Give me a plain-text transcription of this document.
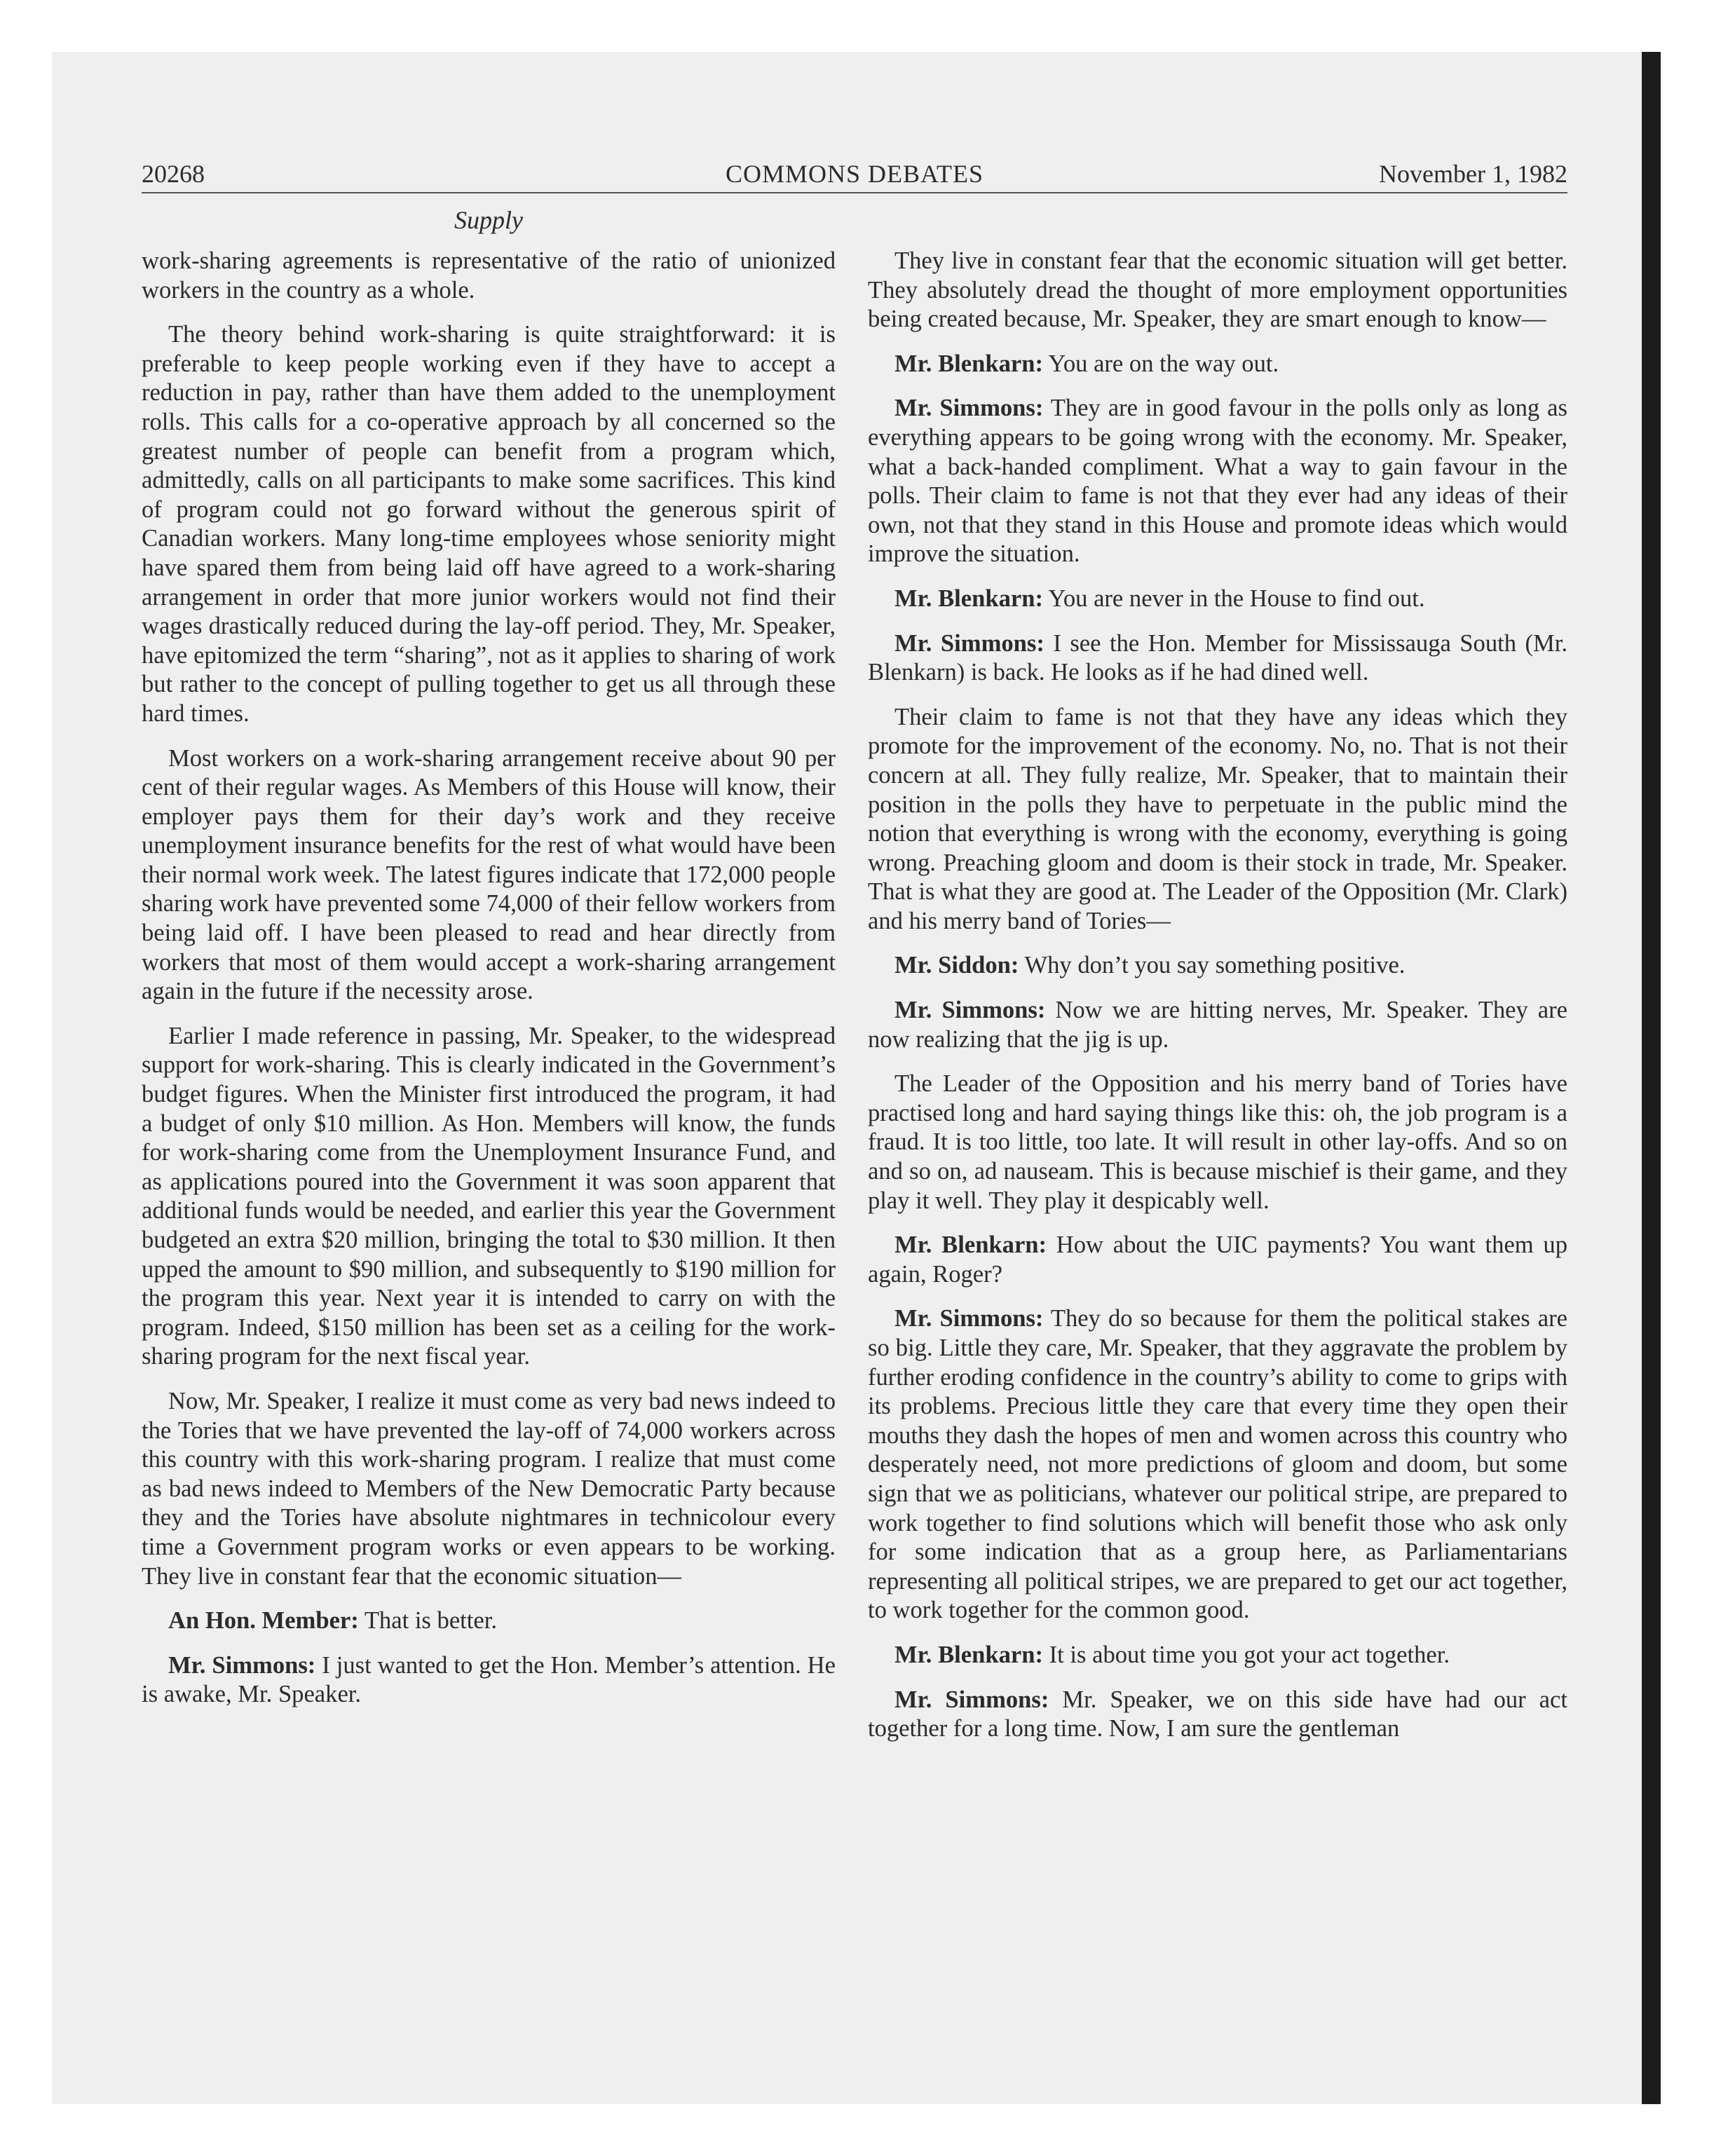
20268	COMMONS DEBATES	November 1, 1982
Supply

work-sharing agreements is representative of the ratio of unionized workers in the country as a whole.

The theory behind work-sharing is quite straightforward: it is preferable to keep people working even if they have to accept a reduction in pay, rather than have them added to the unemployment rolls. This calls for a co-operative approach by all concerned so the greatest number of people can benefit from a program which, admittedly, calls on all participants to make some sacrifices. This kind of program could not go forward without the generous spirit of Canadian workers. Many long-time employees whose seniority might have spared them from being laid off have agreed to a work-sharing arrangement in order that more junior workers would not find their wages drastically reduced during the lay-off period. They, Mr. Speaker, have epitomized the term “sharing”, not as it applies to sharing of work but rather to the concept of pulling together to get us all through these hard times.

Most workers on a work-sharing arrangement receive about 90 per cent of their regular wages. As Members of this House will know, their employer pays them for their day’s work and they receive unemployment insurance benefits for the rest of what would have been their normal work week. The latest figures indicate that 172,000 people sharing work have prevented some 74,000 of their fellow workers from being laid off. I have been pleased to read and hear directly from workers that most of them would accept a work-sharing arrangement again in the future if the necessity arose.

Earlier I made reference in passing, Mr. Speaker, to the widespread support for work-sharing. This is clearly indicated in the Government’s budget figures. When the Minister first introduced the program, it had a budget of only $10 million. As Hon. Members will know, the funds for work-sharing come from the Unemployment Insurance Fund, and as applications poured into the Government it was soon apparent that additional funds would be needed, and earlier this year the Government budgeted an extra $20 million, bringing the total to $30 million. It then upped the amount to $90 million, and subsequently to $190 million for the program this year. Next year it is intended to carry on with the program. Indeed, $150 million has been set as a ceiling for the work-sharing program for the next fiscal year.

Now, Mr. Speaker, I realize it must come as very bad news indeed to the Tories that we have prevented the lay-off of 74,000 workers across this country with this work-sharing program. I realize that must come as bad news indeed to Members of the New Democratic Party because they and the Tories have absolute nightmares in technicolour every time a Government program works or even appears to be working. They live in constant fear that the economic situation—

An Hon. Member: That is better.

Mr. Simmons: I just wanted to get the Hon. Member’s attention. He is awake, Mr. Speaker.

They live in constant fear that the economic situation will get better. They absolutely dread the thought of more employment opportunities being created because, Mr. Speaker, they are smart enough to know—

Mr. Blenkarn: You are on the way out.

Mr. Simmons: They are in good favour in the polls only as long as everything appears to be going wrong with the economy. Mr. Speaker, what a back-handed compliment. What a way to gain favour in the polls. Their claim to fame is not that they ever had any ideas of their own, not that they stand in this House and promote ideas which would improve the situation.

Mr. Blenkarn: You are never in the House to find out.

Mr. Simmons: I see the Hon. Member for Mississauga South (Mr. Blenkarn) is back. He looks as if he had dined well.

Their claim to fame is not that they have any ideas which they promote for the improvement of the economy. No, no. That is not their concern at all. They fully realize, Mr. Speaker, that to maintain their position in the polls they have to perpetuate in the public mind the notion that everything is wrong with the economy, everything is going wrong. Preaching gloom and doom is their stock in trade, Mr. Speaker. That is what they are good at. The Leader of the Opposition (Mr. Clark) and his merry band of Tories—

Mr. Siddon: Why don’t you say something positive.

Mr. Simmons: Now we are hitting nerves, Mr. Speaker. They are now realizing that the jig is up.

The Leader of the Opposition and his merry band of Tories have practised long and hard saying things like this: oh, the job program is a fraud. It is too little, too late. It will result in other lay-offs. And so on and so on, ad nauseam. This is because mischief is their game, and they play it well. They play it despicably well.

Mr. Blenkarn: How about the UIC payments? You want them up again, Roger?

Mr. Simmons: They do so because for them the political stakes are so big. Little they care, Mr. Speaker, that they aggravate the problem by further eroding confidence in the country’s ability to come to grips with its problems. Precious little they care that every time they open their mouths they dash the hopes of men and women across this country who desperately need, not more predictions of gloom and doom, but some sign that we as politicians, whatever our political stripe, are prepared to work together to find solutions which will benefit those who ask only for some indication that as a group here, as Parliamentarians representing all political stripes, we are prepared to get our act together, to work together for the common good.

Mr. Blenkarn: It is about time you got your act together.

Mr. Simmons: Mr. Speaker, we on this side have had our act together for a long time. Now, I am sure the gentleman
